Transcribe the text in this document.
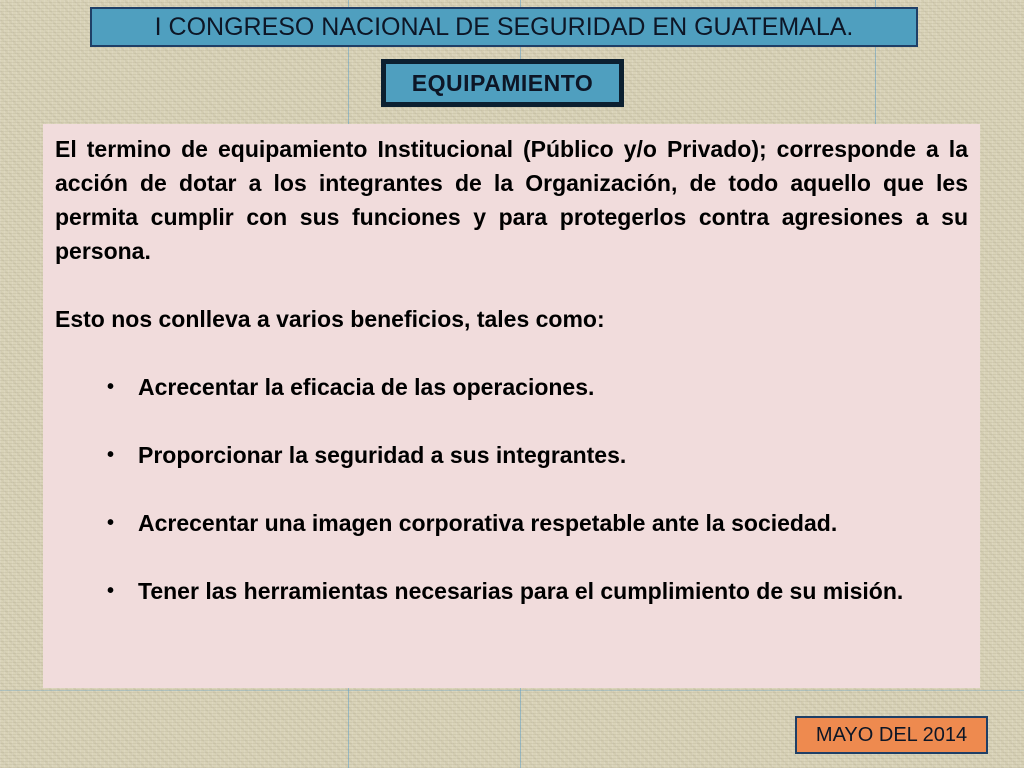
I CONGRESO NACIONAL DE SEGURIDAD EN GUATEMALA.
EQUIPAMIENTO

El termino de equipamiento Institucional (Público y/o Privado); corresponde a la acción de dotar a los integrantes de la Organización, de todo aquello que les permita cumplir con sus funciones y para protegerlos contra agresiones a su persona.

Esto nos conlleva a varios beneficios, tales como:

• Acrecentar la eficacia de las operaciones.
• Proporcionar la seguridad a sus integrantes.
• Acrecentar una imagen corporativa respetable ante la sociedad.
• Tener las herramientas necesarias para el cumplimiento de su misión.
MAYO DEL 2014
